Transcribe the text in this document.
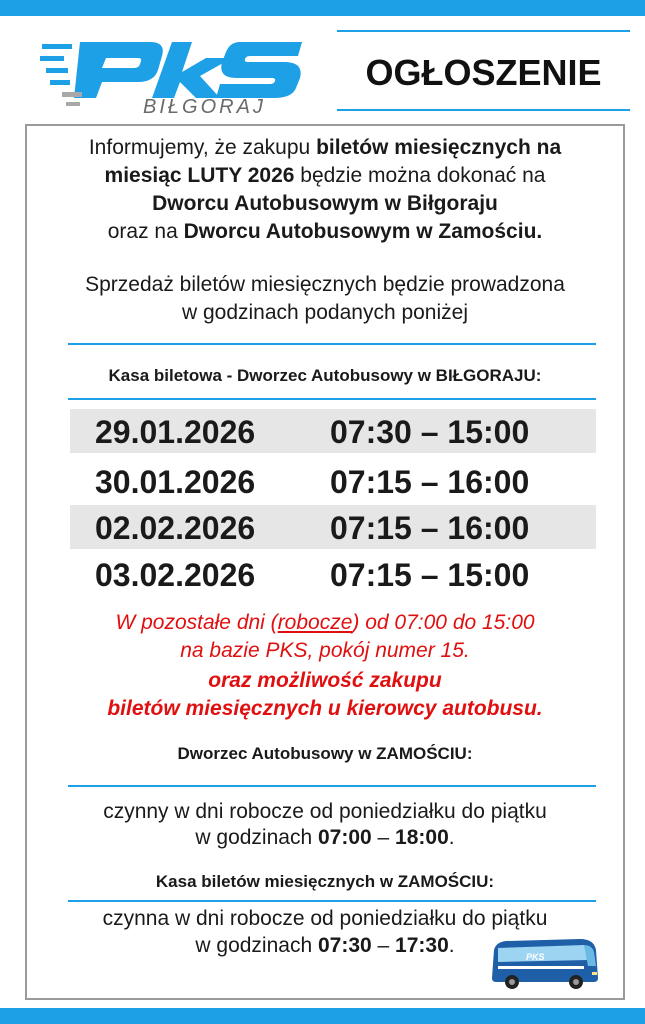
BIŁGORAJ
OGŁOSZENIE
Informujemy, że zakupu biletów miesięcznych na
miesiąc LUTY 2026 będzie można dokonać na
Dworcu Autobusowym w Biłgoraju
oraz na Dworcu Autobusowym w Zamościu.
Sprzedaż biletów miesięcznych będzie prowadzona
w godzinach podanych poniżej
Kasa biletowa - Dworzec Autobusowy w BIŁGORAJU:
29.01.2026 07:30 – 15:00
30.01.2026 07:15 – 16:00
02.02.2026 07:15 – 16:00
03.02.2026 07:15 – 15:00
W pozostałe dni (robocze) od 07:00 do 15:00
na bazie PKS, pokój numer 15.
oraz możliwość zakupu
biletów miesięcznych u kierowcy autobusu.
Dworzec Autobusowy w ZAMOŚCIU:
czynny w dni robocze od poniedziałku do piątku
w godzinach 07:00 – 18:00.
Kasa biletów miesięcznych w ZAMOŚCIU:
czynna w dni robocze od poniedziałku do piątku
w godzinach 07:30 – 17:30.	PKS
